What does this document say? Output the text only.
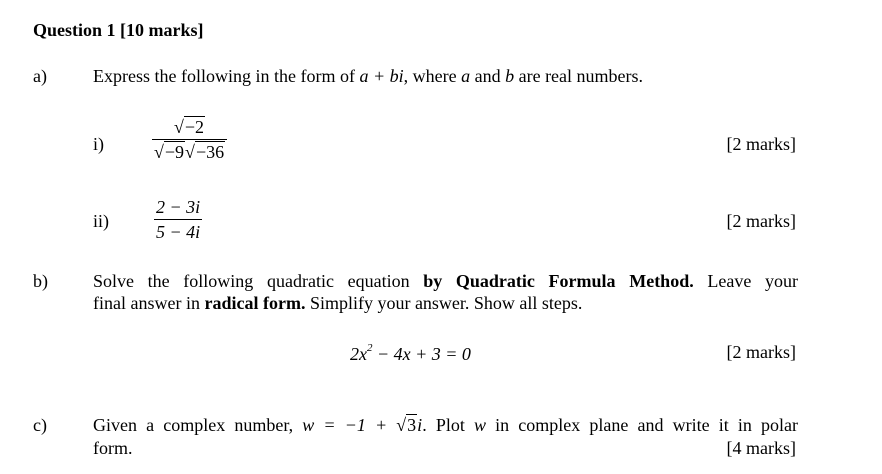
Question 1 [10 marks]
a)	Express the following in the form of a + bi, where a and b are real numbers.
i)
√−2
√−9√−36	[2 marks]
ii)
2 − 3i
5 − 4i
[2 marks]
b)	Solve the following quadratic equation by Quadratic Formula Method. Leave your
final answer in radical form. Simplify your answer. Show all steps.
$2x^2 - 4x + 3 = 0$	[2 marks]
c)	Given a complex number, w = −1 + √3i. Plot w in complex plane and write it in polar
form.	[4 marks]
